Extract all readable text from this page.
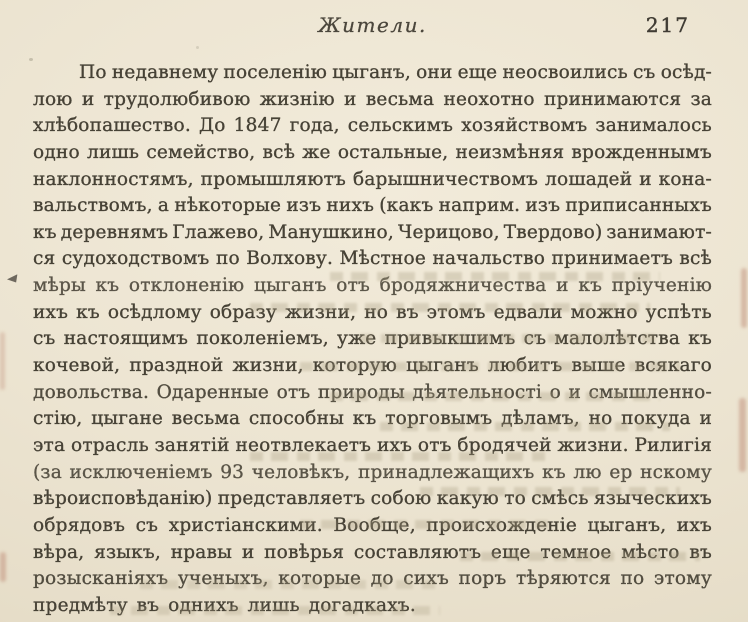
Жители.	217
По недавнему поселенію цыганъ, они еще неосвоились съ осѣд-
лою и трудолюбивою жизнію и весьма неохотно принимаются за
хлѣбопашество. До 1847 года, сельскимъ хозяйствомъ занималось
одно лишь семейство, всѣ же остальные, неизмѣняя врожденнымъ
наклонностямъ, промышляютъ барышничествомъ лошадей и кона-
вальствомъ, а нѣкоторые изъ нихъ (какъ наприм. изъ приписанныхъ
къ деревнямъ Глажево, Манушкино, Черицово, Твердово) занимают-
ся судоходствомъ по Волхову. Мѣстное начальство принимаетъ всѣ
мѣры къ отклоненію цыганъ отъ бродяжничества и къ пріученію
ихъ къ осѣдлому образу жизни, но въ этомъ едвали можно успѣть
съ настоящимъ поколеніемъ, уже привыкшимъ съ малолѣтства къ
кочевой, праздной жизни, которую цыганъ любитъ выше всякаго
довольства. Одаренные отъ природы дѣятельності о и смышленно-
стію, цыгане весьма способны къ торговымъ дѣламъ, но покуда и
эта отрасль занятій неотвлекаетъ ихъ отъ бродячей жизни. Рилигія
(за исключеніемъ 93 человѣкъ, принадлежащихъ къ лю ер нскому
вѣроисповѣданію) представляетъ собою какую то смѣсь языческихъ
обрядовъ съ христіанскими. Вообще, происхожденіе цыганъ, ихъ
вѣра, языкъ, нравы и повѣрья составляютъ еще темное мѣсто въ
розысканіяхъ ученыхъ, которые до сихъ поръ тѣряются по этому
предмѣту въ однихъ лишь догадкахъ.
